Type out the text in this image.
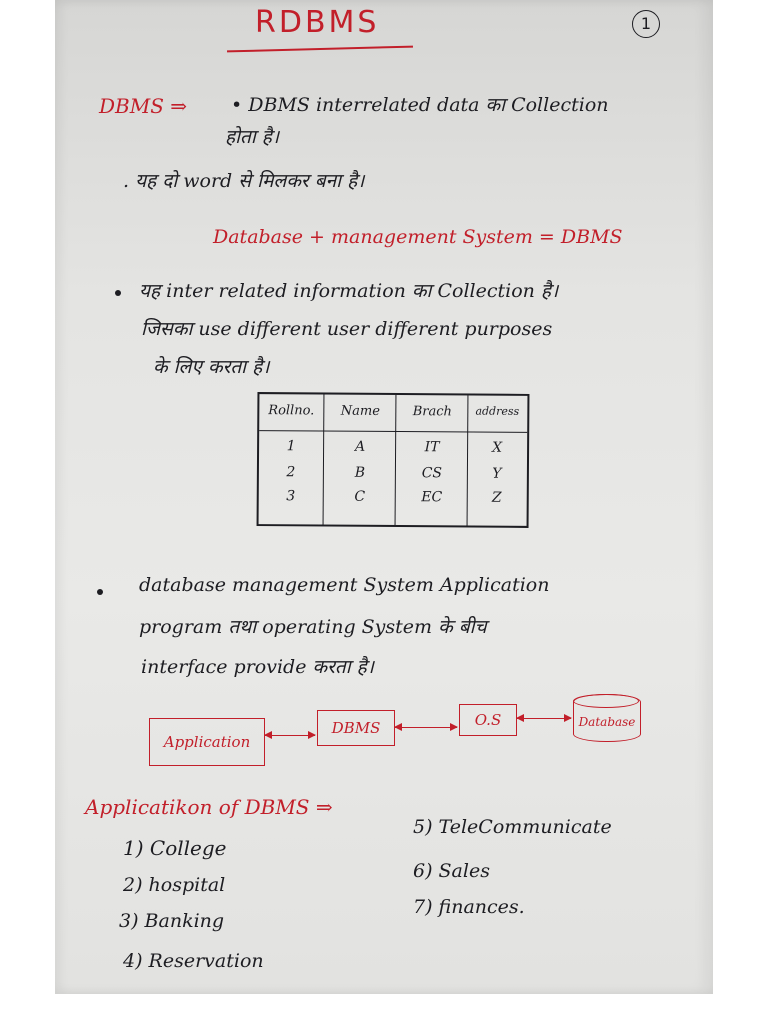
RDBMS	1
DBMS ⇒ • DBMS interrelated data का Collection
होता है।
. यह दो word से मिलकर बना है।
Database + management System = DBMS
यह inter related information का Collection है।
जिसका use different user different purposes
के लिए करता है।
Rollno.	Name	Brach	address
1	A	IT	X
2	B	CS	Y
3	C	EC	Z
database management System Application
program तथा operating System के बीच
interface provide करता है।
Application
DBMS	O.S	Database
Applicatikon of DBMS ⇒
1) College
2) hospital
3) Banking
4) Reservation
5) TeleCommunicate
6) Sales
7) finances.
